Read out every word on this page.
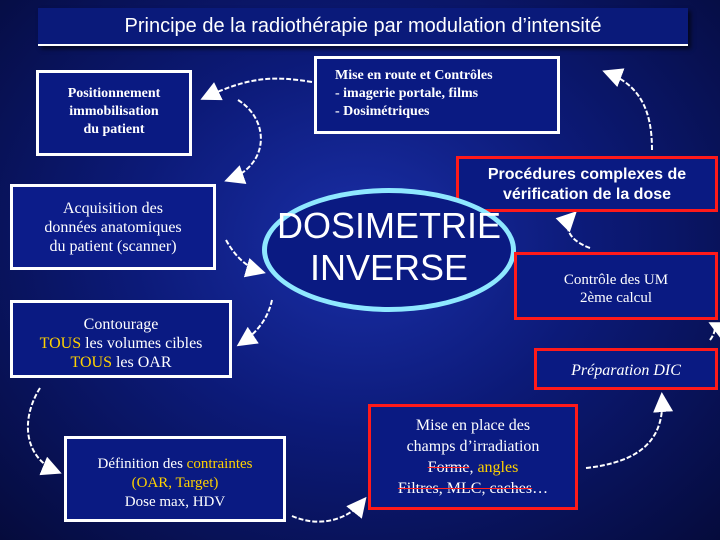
Principe de la radiothérapie par modulation d’intensité
Positionnement
immobilisation
du patient
Mise en route et Contrôles
- imagerie portale, films
- Dosimétriques
Procédures complexes de
vérification de la dose
Acquisition des
données anatomiques
du patient (scanner)
DOSIMETRIE
INVERSE	Contrôle des UM
2ème calcul
Contourage
TOUS les volumes cibles
TOUS les OAR	Préparation DIC
Mise en place des
champs d’irradiation
Forme, angles
Filtres, MLC, caches…
Définition des contraintes
(OAR, Target)
Dose max, HDV
